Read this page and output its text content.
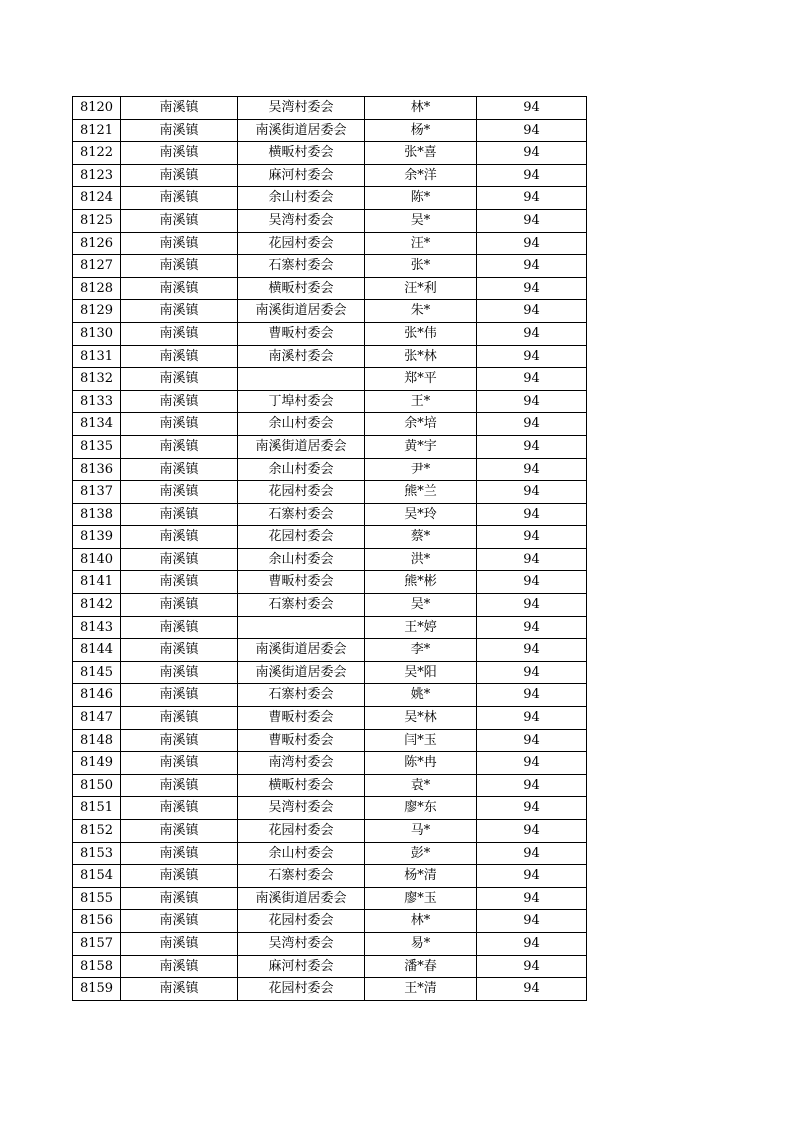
8120	南溪镇	吴湾村委会	林*	94
8121	南溪镇	南溪街道居委会	杨*	94
8122	南溪镇	横畈村委会	张*喜	94
8123	南溪镇	麻河村委会	余*洋	94
8124	南溪镇	余山村委会	陈*	94
8125	南溪镇	吴湾村委会	吴*	94
8126	南溪镇	花园村委会	汪*	94
8127	南溪镇	石寨村委会	张*	94
8128	南溪镇	横畈村委会	汪*利	94
8129	南溪镇	南溪街道居委会	朱*	94
8130	南溪镇	曹畈村委会	张*伟	94
8131	南溪镇	南溪村委会	张*林	94
8132	南溪镇		郑*平	94
8133	南溪镇	丁埠村委会	王*	94
8134	南溪镇	余山村委会	余*培	94
8135	南溪镇	南溪街道居委会	黄*宇	94
8136	南溪镇	余山村委会	尹*	94
8137	南溪镇	花园村委会	熊*兰	94
8138	南溪镇	石寨村委会	吴*玲	94
8139	南溪镇	花园村委会	蔡*	94
8140	南溪镇	余山村委会	洪*	94
8141	南溪镇	曹畈村委会	熊*彬	94
8142	南溪镇	石寨村委会	吴*	94
8143	南溪镇		王*婷	94
8144	南溪镇	南溪街道居委会	李*	94
8145	南溪镇	南溪街道居委会	吴*阳	94
8146	南溪镇	石寨村委会	姚*	94
8147	南溪镇	曹畈村委会	吴*林	94
8148	南溪镇	曹畈村委会	闫*玉	94
8149	南溪镇	南湾村委会	陈*冉	94
8150	南溪镇	横畈村委会	袁*	94
8151	南溪镇	吴湾村委会	廖*东	94
8152	南溪镇	花园村委会	马*	94
8153	南溪镇	余山村委会	彭*	94
8154	南溪镇	石寨村委会	杨*清	94
8155	南溪镇	南溪街道居委会	廖*玉	94
8156	南溪镇	花园村委会	林*	94
8157	南溪镇	吴湾村委会	易*	94
8158	南溪镇	麻河村委会	潘*春	94
8159	南溪镇	花园村委会	王*清	94
